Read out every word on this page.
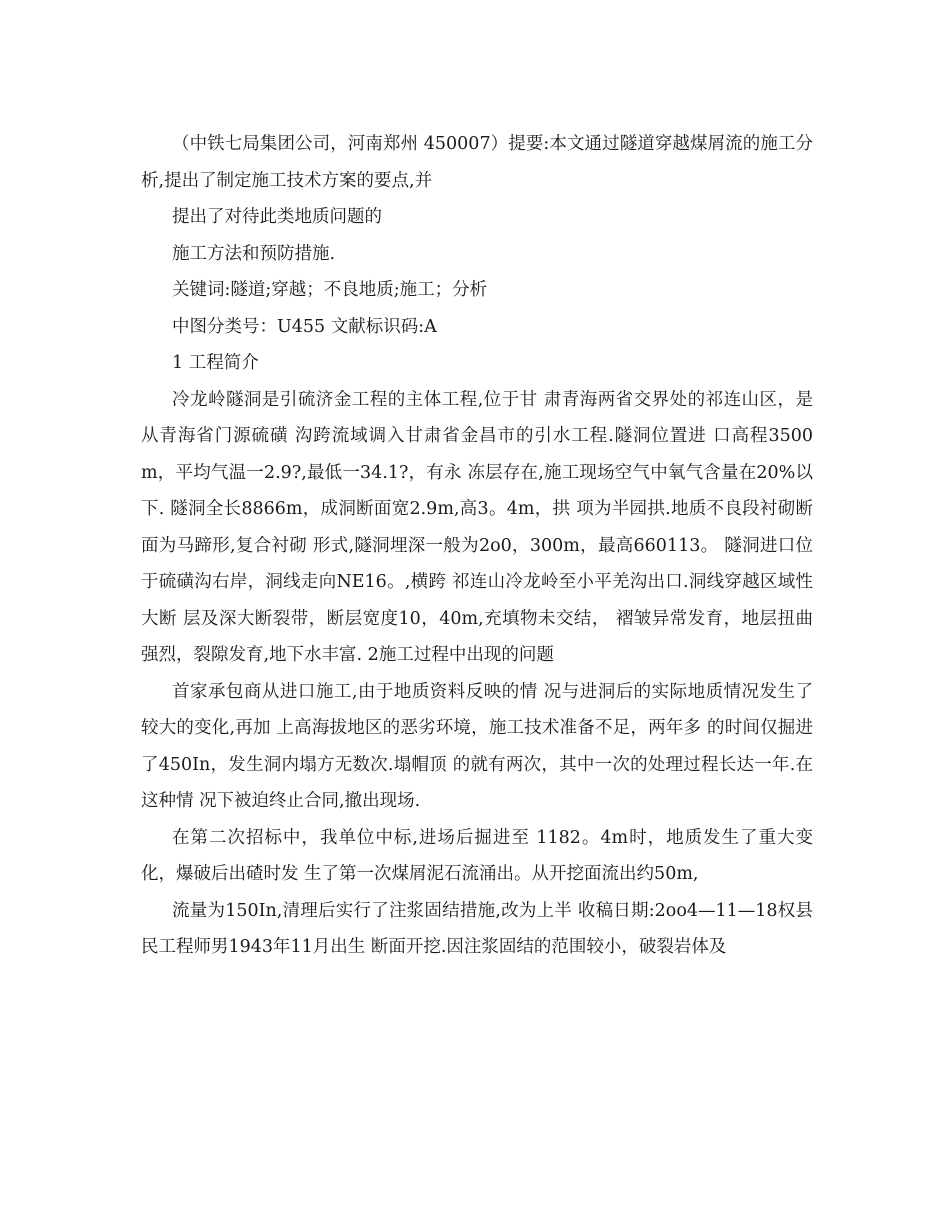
（中铁七局集团公司，河南郑州 450007）提要:本文通过隧道穿越煤屑流的施工分析,提出了制定施工技术方案的要点,并

提出了对待此类地质问题的

施工方法和预防措施.

关键词:隧道;穿越；不良地质;施工；分析

中图分类号：U455 文献标识码:A

1 工程简介

冷龙岭隧洞是引硫济金工程的主体工程,位于甘 肃青海两省交界处的祁连山区，是从青海省门源硫磺 沟跨流域调入甘肃省金昌市的引水工程.隧洞位置进 口高程3500m，平均气温一2.9?,最低一34.1?，有永 冻层存在,施工现场空气中氧气含量在20%以下. 隧洞全长8866m，成洞断面宽2.9m,高3。4m，拱 项为半园拱.地质不良段衬砌断面为马蹄形,复合衬砌 形式,隧洞埋深一般为2o0，300m，最高660113。 隧洞进口位于硫磺沟右岸，洞线走向NE16。,横跨 祁连山冷龙岭至小平羌沟出口.洞线穿越区域性大断 层及深大断裂带，断层宽度10，40m,充填物未交结， 褶皱异常发育，地层扭曲强烈，裂隙发育,地下水丰富. 2施工过程中出现的问题

首家承包商从进口施工,由于地质资料反映的情 况与进洞后的实际地质情况发生了较大的变化,再加 上高海拔地区的恶劣环境，施工技术准备不足，两年多 的时间仅掘进了450In，发生洞内塌方无数次.塌帽顶 的就有两次，其中一次的处理过程长达一年.在这种情 况下被迫终止合同,撤出现场.

在第二次招标中，我单位中标,进场后掘进至 1182。4m时，地质发生了重大变化，爆破后出碴时发 生了第一次煤屑泥石流涌出。从开挖面流出约50m,

流量为150In,清理后实行了注浆固结措施,改为上半 收稿日期:2oo4—11—18权县民工程师男1943年11月出生 断面开挖.因注浆固结的范围较小，破裂岩体及
